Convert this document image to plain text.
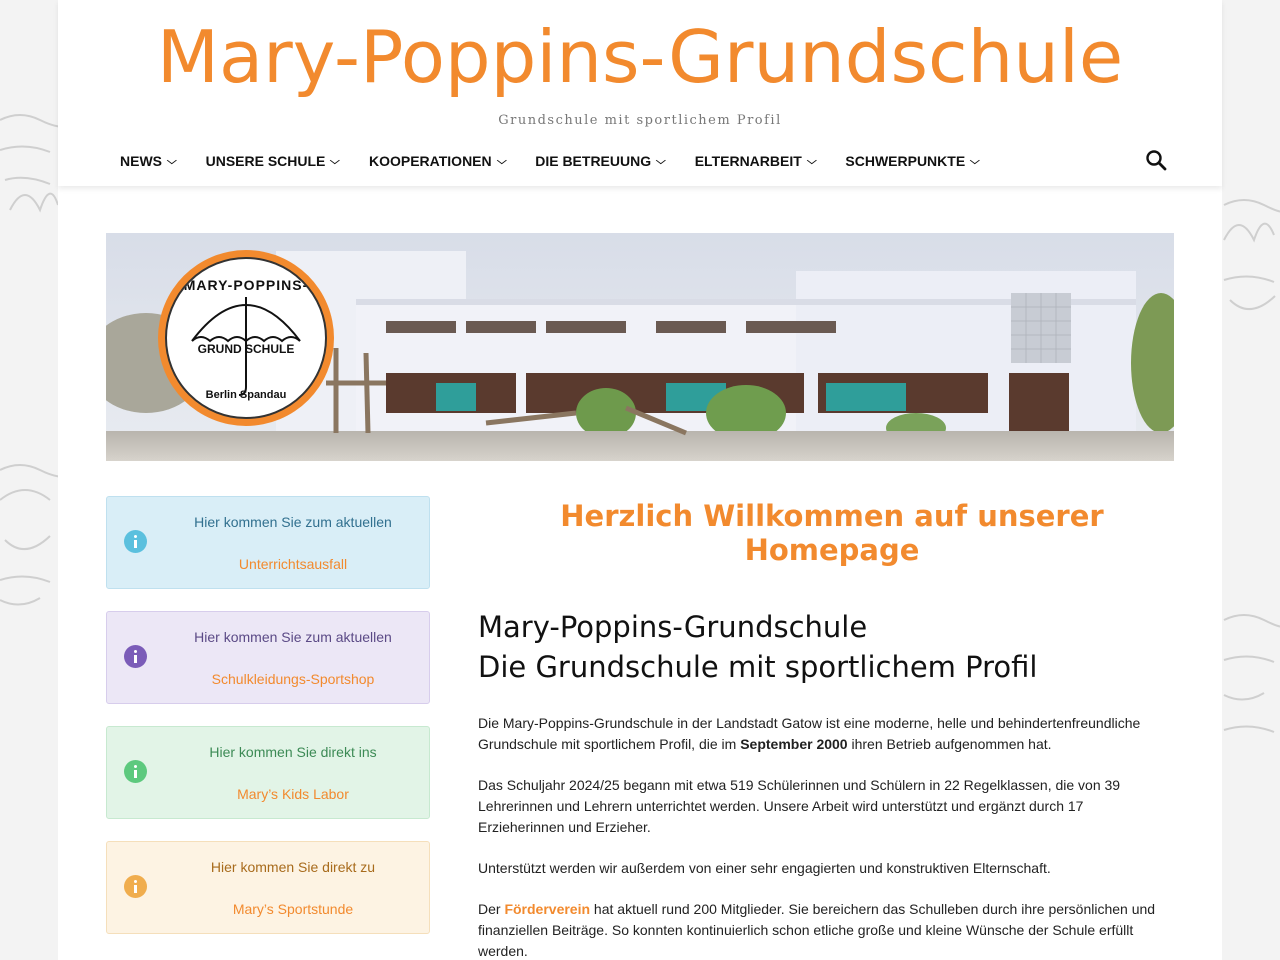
Mary-Poppins-Grundschule
Grundschule mit sportlichem Profil
NEWS ⌵ UNSERE SCHULE ⌵ KOOPERATIONEN ⌵ DIE BETREUUNG ⌵ ELTERNARBEIT ⌵ SCHWERPUNKTE ⌵
MARY-POPPINS-
GRUND SCHULE
Berlin Spandau
Hier kommen Sie zum aktuellen
Unterrichtsausfall
Hier kommen Sie zum aktuellen
Schulkleidungs-Sportshop
Hier kommen Sie direkt ins
Mary’s Kids Labor
Hier kommen Sie direkt zu
Mary’s Sportstunde
Herzlich Willkommen auf unserer Homepage
Mary-Poppins-Grundschule
Die Grundschule mit sportlichem Profil

Die Mary-Poppins-Grundschule in der Landstadt Gatow ist eine moderne, helle und behindertenfreundliche Grundschule mit sportlichem Profil, die im September 2000 ihren Betrieb aufgenommen hat.

Das Schuljahr 2024/25 begann mit etwa 519 Schülerinnen und Schülern in 22 Regelklassen, die von 39 Lehrerinnen und Lehrern unterrichtet werden. Unsere Arbeit wird unterstützt und ergänzt durch 17 Erzieherinnen und Erzieher.

Unterstützt werden wir außerdem von einer sehr engagierten und konstruktiven Elternschaft.

Der Förderverein hat aktuell rund 200 Mitglieder. Sie bereichern das Schulleben durch ihre persönlichen und finanziellen Beiträge. So konnten kontinuierlich schon etliche große und kleine Wünsche der Schule erfüllt werden.
